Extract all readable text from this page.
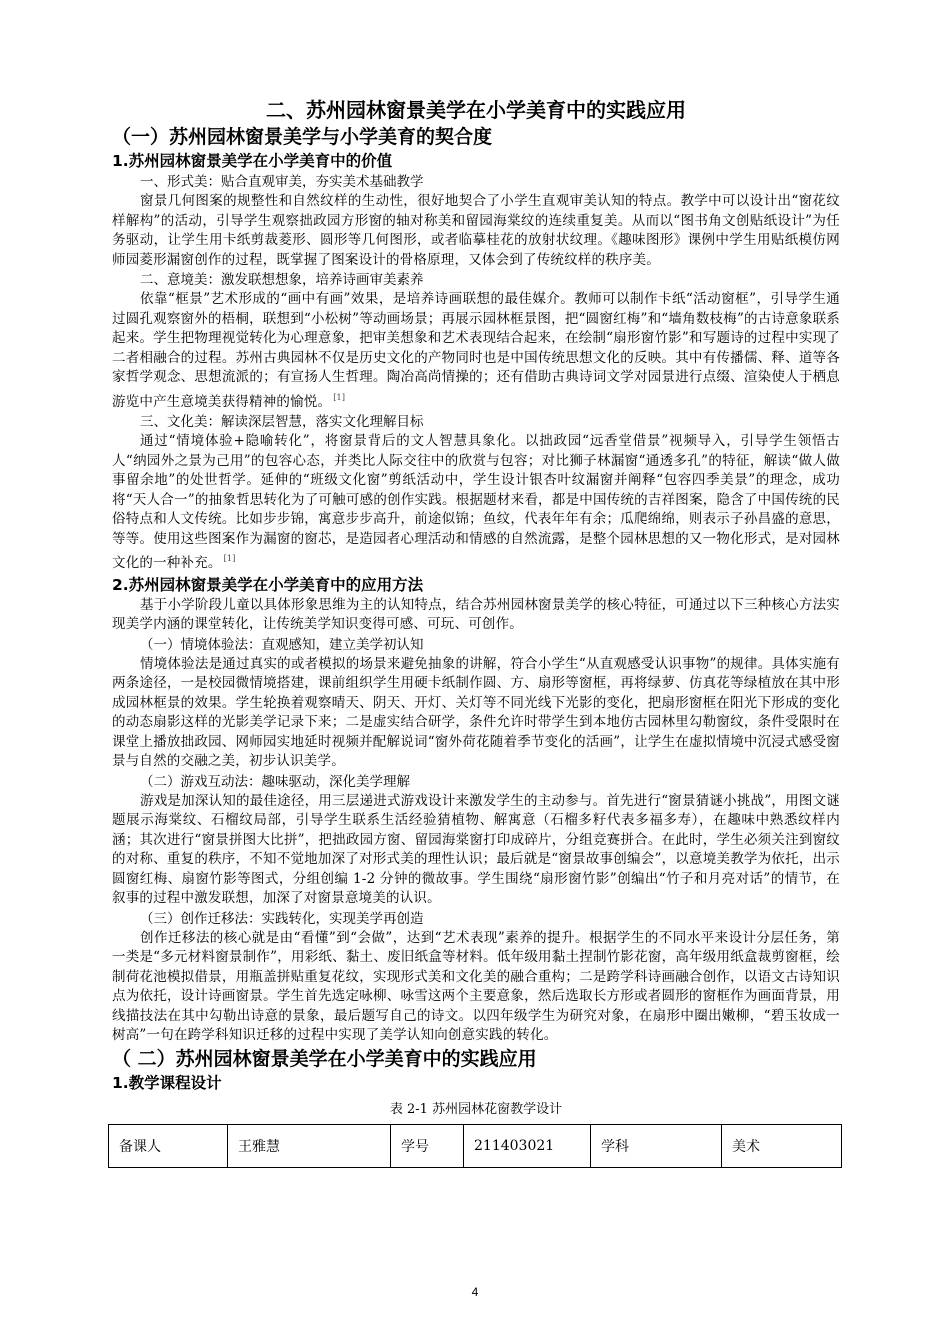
二、苏州园林窗景美学在小学美育中的实践应用
（一）苏州园林窗景美学与小学美育的契合度
1.苏州园林窗景美学在小学美育中的价值

一、形式美：贴合直观审美，夯实美术基础教学

窗景几何图案的规整性和自然纹样的生动性，很好地契合了小学生直观审美认知的特点。教学中可以设计出“窗花纹样解构”的活动，引导学生观察拙政园方形窗的轴对称美和留园海棠纹的连续重复美。从而以“图书角文创贴纸设计”为任务驱动，让学生用卡纸剪裁菱形、圆形等几何图形，或者临摹桂花的放射状纹理。《趣味图形》课例中学生用贴纸模仿网师园菱形漏窗创作的过程，既掌握了图案设计的骨格原理，又体会到了传统纹样的秩序美。

二、意境美：激发联想想象，培养诗画审美素养

依靠“框景”艺术形成的“画中有画”效果，是培养诗画联想的最佳媒介。教师可以制作卡纸“活动窗框”，引导学生通过圆孔观察窗外的梧桐，联想到“小松树”等动画场景；再展示园林框景图，把“圆窗红梅”和“墙角数枝梅”的古诗意象联系起来。学生把物理视觉转化为心理意象，把审美想象和艺术表现结合起来，在绘制“扇形窗竹影”和写题诗的过程中实现了二者相融合的过程。苏州古典园林不仅是历史文化的产物同时也是中国传统思想文化的反映。其中有传播儒、释、道等各家哲学观念、思想流派的；有宣扬人生哲理。陶冶高尚情操的；还有借助古典诗词文学对园景进行点缀、渲染使人于栖息游览中产生意境美获得精神的愉悦。 [1]

三、文化美：解读深层智慧，落实文化理解目标

通过“情境体验+隐喻转化”，将窗景背后的文人智慧具象化。以拙政园“远香堂借景”视频导入，引导学生领悟古人“纳园外之景为己用”的包容心态，并类比人际交往中的欣赏与包容；对比狮子林漏窗“通透多孔”的特征，解读“做人做事留余地”的处世哲学。延伸的“班级文化窗”剪纸活动中，学生设计银杏叶纹漏窗并阐释“包容四季美景”的理念，成功将“天人合一”的抽象哲思转化为了可触可感的创作实践。根据题材来看，都是中国传统的吉祥图案，隐含了中国传统的民俗特点和人文传统。比如步步锦，寓意步步高升，前途似锦；鱼纹，代表年年有余；瓜爬绵绵，则表示子孙昌盛的意思，等等。使用这些图案作为漏窗的窗芯，是造园者心理活动和情感的自然流露，是整个园林思想的又一物化形式，是对园林文化的一种补充。 [1]

2.苏州园林窗景美学在小学美育中的应用方法

基于小学阶段儿童以具体形象思维为主的认知特点，结合苏州园林窗景美学的核心特征，可通过以下三种核心方法实现美学内涵的课堂转化，让传统美学知识变得可感、可玩、可创作。

（一）情境体验法：直观感知，建立美学初认知

情境体验法是通过真实的或者模拟的场景来避免抽象的讲解，符合小学生“从直观感受认识事物”的规律。具体实施有两条途径，一是校园微情境搭建，课前组织学生用硬卡纸制作圆、方、扇形等窗框，再将绿萝、仿真花等绿植放在其中形成园林框景的效果。学生轮换着观察晴天、阴天、开灯、关灯等不同光线下光影的变化，把扇形窗框在阳光下形成的变化的动态扇影这样的光影美学记录下来；二是虚实结合研学，条件允许时带学生到本地仿古园林里勾勒窗纹，条件受限时在课堂上播放拙政园、网师园实地延时视频并配解说词“窗外荷花随着季节变化的活画”，让学生在虚拟情境中沉浸式感受窗景与自然的交融之美，初步认识美学。

（二）游戏互动法：趣味驱动，深化美学理解

游戏是加深认知的最佳途径，用三层递进式游戏设计来激发学生的主动参与。首先进行“窗景猜谜小挑战”，用图文谜题展示海棠纹、石榴纹局部，引导学生联系生活经验猜植物、解寓意（石榴多籽代表多福多寿），在趣味中熟悉纹样内涵；其次进行“窗景拼图大比拼”，把拙政园方窗、留园海棠窗打印成碎片，分组竞赛拼合。在此时，学生必须关注到窗纹的对称、重复的秩序，不知不觉地加深了对形式美的理性认识；最后就是“窗景故事创编会”，以意境美教学为依托，出示圆窗红梅、扇窗竹影等图式，分组创编 1-2 分钟的微故事。学生围绕“扇形窗竹影”创编出“竹子和月亮对话”的情节，在叙事的过程中激发联想，加深了对窗景意境美的认识。

（三）创作迁移法：实践转化，实现美学再创造

创作迁移法的核心就是由“看懂”到“会做”，达到“艺术表现”素养的提升。根据学生的不同水平来设计分层任务，第一类是“多元材料窗景制作”，用彩纸、黏土、废旧纸盒等材料。低年级用黏土捏制竹影花窗，高年级用纸盒裁剪窗框，绘制荷花池模拟借景，用瓶盖拼贴重复花纹，实现形式美和文化美的融合重构；二是跨学科诗画融合创作，以语文古诗知识点为依托，设计诗画窗景。学生首先选定咏柳、咏雪这两个主要意象，然后选取长方形或者圆形的窗框作为画面背景，用线描技法在其中勾勒出诗意的景象，最后题写自己的诗文。以四年级学生为研究对象，在扇形中圈出嫩柳，“碧玉妆成一树高”一句在跨学科知识迁移的过程中实现了美学认知向创意实践的转化。

（ 二）苏州园林窗景美学在小学美育中的实践应用
1.教学课程设计

表 2-1 苏州园林花窗教学设计

备课人	王雅慧	学号	211403021	学科	美术
4
